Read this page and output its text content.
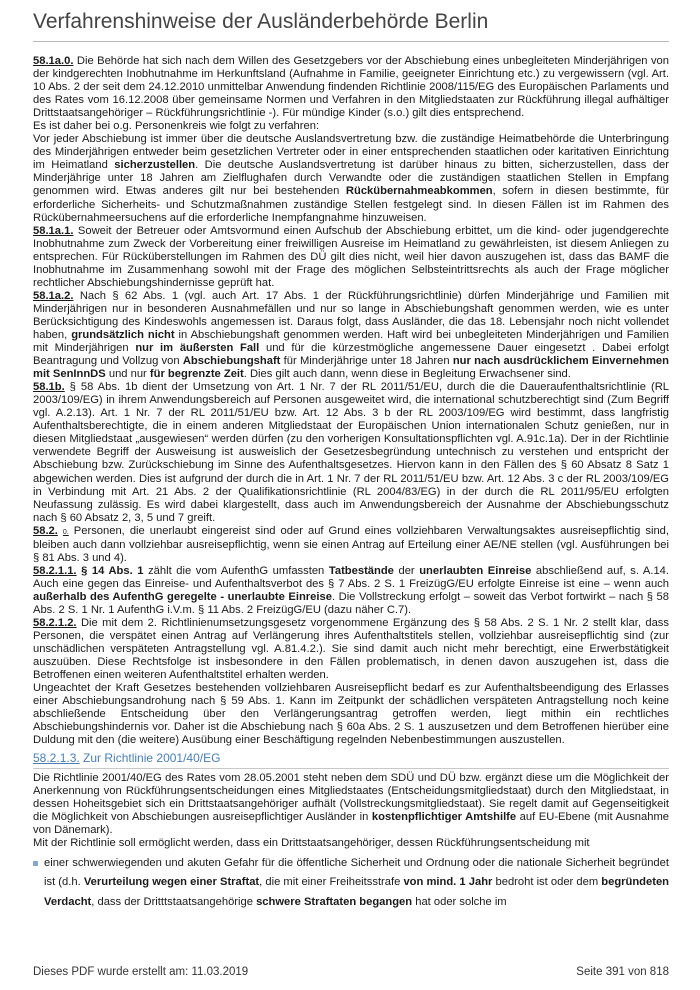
Verfahrenshinweise der Ausländerbehörde Berlin

58.1a.0. Die Behörde hat sich nach dem Willen des Gesetzgebers vor der Abschiebung eines unbegleiteten Minderjährigen von der kindgerechten Inobhutnahme im Herkunftsland (Aufnahme in Familie, geeigneter Einrichtung etc.) zu vergewissern (vgl. Art. 10 Abs. 2 der seit dem 24.12.2010 unmittelbar Anwendung findenden Richtlinie 2008/115/EG des Europäischen Parlaments und des Rates vom 16.12.2008 über gemeinsame Normen und Verfahren in den Mitgliedstaaten zur Rückführung illegal aufhältiger Drittstaatsangehöriger – Rückführungsrichtlinie -). Für mündige Kinder (s.o.) gilt dies entsprechend.

Es ist daher bei o.g. Personenkreis wie folgt zu verfahren:

Vor jeder Abschiebung ist immer über die deutsche Auslandsvertretung bzw. die zuständige Heimatbehörde die Unterbringung des Minderjährigen entweder beim gesetzlichen Vertreter oder in einer entsprechenden staatlichen oder karitativen Einrichtung im Heimatland sicherzustellen. Die deutsche Auslandsvertretung ist darüber hinaus zu bitten, sicherzustellen, dass der Minderjährige unter 18 Jahren am Zielflughafen durch Verwandte oder die zuständigen staatlichen Stellen in Empfang genommen wird. Etwas anderes gilt nur bei bestehenden Rückübernahmeabkommen, sofern in diesen bestimmte, für erforderliche Sicherheits- und Schutzmaßnahmen zuständige Stellen festgelegt sind. In diesen Fällen ist im Rahmen des Rückübernahmeersuchens auf die erforderliche Inempfangnahme hinzuweisen.

58.1a.1. Soweit der Betreuer oder Amtsvormund einen Aufschub der Abschiebung erbittet, um die kind- oder jugendgerechte Inobhutnahme zum Zweck der Vorbereitung einer freiwilligen Ausreise im Heimatland zu gewährleisten, ist diesem Anliegen zu entsprechen. Für Rücküberstellungen im Rahmen des DÜ gilt dies nicht, weil hier davon auszugehen ist, dass das BAMF die Inobhutnahme im Zusammenhang sowohl mit der Frage des möglichen Selbsteintrittsrechts als auch der Frage möglicher rechtlicher Abschiebungshindernisse geprüft hat.

58.1a.2. Nach § 62 Abs. 1 (vgl. auch Art. 17 Abs. 1 der Rückführungsrichtlinie) dürfen Minderjährige und Familien mit Minderjährigen nur in besonderen Ausnahmefällen und nur so lange in Abschiebungshaft genommen werden, wie es unter Berücksichtigung des Kindeswohls angemessen ist. Daraus folgt, dass Ausländer, die das 18. Lebensjahr noch nicht vollendet haben, grundsätzlich nicht in Abschiebungshaft genommen werden. Haft wird bei unbegleiteten Minderjährigen und Familien mit Minderjährigen nur im äußersten Fall und für die kürzestmögliche angemessene Dauer eingesetzt . Dabei erfolgt Beantragung und Vollzug von Abschiebungshaft für Minderjährige unter 18 Jahren nur nach ausdrücklichem Einvernehmen mit SenInnDS und nur für begrenzte Zeit. Dies gilt auch dann, wenn diese in Begleitung Erwachsener sind.

58.1b. § 58 Abs. 1b dient der Umsetzung von Art. 1 Nr. 7 der RL 2011/51/EU, durch die die Daueraufenthaltsrichtlinie (RL 2003/109/EG) in ihrem Anwendungsbereich auf Personen ausgeweitet wird, die international schutzberechtigt sind (Zum Begriff vgl. A.2.13). Art. 1 Nr. 7 der RL 2011/51/EU bzw. Art. 12 Abs. 3 b der RL 2003/109/EG wird bestimmt, dass langfristig Aufenthaltsberechtigte, die in einem anderen Mitgliedstaat der Europäischen Union internationalen Schutz genießen, nur in diesen Mitgliedstaat „ausgewiesen“ werden dürfen (zu den vorherigen Konsultationspflichten vgl. A.91c.1a). Der in der Richtlinie verwendete Begriff der Ausweisung ist ausweislich der Gesetzesbegründung untechnisch zu verstehen und entspricht der Abschiebung bzw. Zurückschiebung im Sinne des Aufenthaltsgesetzes. Hiervon kann in den Fällen des § 60 Absatz 8 Satz 1 abgewichen werden. Dies ist aufgrund der durch die in Art. 1 Nr. 7 der RL 2011/51/EU bzw. Art. 12 Abs. 3 c der RL 2003/109/EG in Verbindung mit Art. 21 Abs. 2 der Qualifikationsrichtlinie (RL 2004/83/EG) in der durch die RL 2011/95/EU erfolgten Neufassung zulässig. Es wird dabei klargestellt, dass auch im Anwendungsbereich der Ausnahme der Abschiebungsschutz nach § 60 Absatz 2, 3, 5 und 7 greift.

58.2. 0. Personen, die unerlaubt eingereist sind oder auf Grund eines vollziehbaren Verwaltungsaktes ausreisepflichtig sind, bleiben auch dann vollziehbar ausreisepflichtig, wenn sie einen Antrag auf Erteilung einer AE/NE stellen (vgl. Ausführungen bei § 81 Abs. 3 und 4).

58.2.1.1. § 14 Abs. 1 zählt die vom AufenthG umfassten Tatbestände der unerlaubten Einreise abschließend auf, s. A.14. Auch eine gegen das Einreise- und Aufenthaltsverbot des § 7 Abs. 2 S. 1 FreizügG/EU erfolgte Einreise ist eine – wenn auch außerhalb des AufenthG geregelte - unerlaubte Einreise. Die Vollstreckung erfolgt – soweit das Verbot fortwirkt – nach § 58 Abs. 2 S. 1 Nr. 1 AufenthG i.V.m. § 11 Abs. 2 FreizügG/EU (dazu näher C.7).

58.2.1.2. Die mit dem 2. Richtlinienumsetzungsgesetz vorgenommene Ergänzung des § 58 Abs. 2 S. 1 Nr. 2 stellt klar, dass Personen, die verspätet einen Antrag auf Verlängerung ihres Aufenthaltstitels stellen, vollziehbar ausreisepflichtig sind (zur unschädlichen verspäteten Antragstellung vgl. A.81.4.2.). Sie sind damit auch nicht mehr berechtigt, eine Erwerbstätigkeit auszuüben. Diese Rechtsfolge ist insbesondere in den Fällen problematisch, in denen davon auszugehen ist, dass die Betroffenen einen weiteren Aufenthaltstitel erhalten werden.

Ungeachtet der Kraft Gesetzes bestehenden vollziehbaren Ausreisepflicht bedarf es zur Aufenthaltsbeendigung des Erlasses einer Abschiebungsandrohung nach § 59 Abs. 1. Kann im Zeitpunkt der schädlichen verspäteten Antragstellung noch keine abschließende Entscheidung über den Verlängerungsantrag getroffen werden, liegt mithin ein rechtliches Abschiebungshindernis vor. Daher ist die Abschiebung nach § 60a Abs. 2 S. 1 auszusetzen und dem Betroffenen hierüber eine Duldung mit den (die weitere) Ausübung einer Beschäftigung regelnden Nebenbestimmungen auszustellen.

58.2.1.3. Zur Richtlinie 2001/40/EG

Die Richtlinie 2001/40/EG des Rates vom 28.05.2001 steht neben dem SDÜ und DÜ bzw. ergänzt diese um die Möglichkeit der Anerkennung von Rückführungsentscheidungen eines Mitgliedstaates (Entscheidungsmitgliedstaat) durch den Mitgliedstaat, in dessen Hoheitsgebiet sich ein Drittstaatsangehöriger aufhält (Vollstreckungsmitgliedstaat). Sie regelt damit auf Gegenseitigkeit die Möglichkeit von Abschiebungen ausreisepflichtiger Ausländer in kostenpflichtiger Amtshilfe auf EU-Ebene (mit Ausnahme von Dänemark).

Mit der Richtlinie soll ermöglicht werden, dass ein Drittstaatsangehöriger, dessen Rückführungsentscheidung mit

einer schwerwiegenden und akuten Gefahr für die öffentliche Sicherheit und Ordnung oder die nationale Sicherheit begründet ist (d.h. Verurteilung wegen einer Straftat, die mit einer Freiheitsstrafe von mind. 1 Jahr bedroht ist oder dem begründeten Verdacht, dass der Dritttstaatsangehörige schwere Straftaten begangen hat oder solche im
Dieses PDF wurde erstellt am: 11.03.2019	Seite 391 von 818
